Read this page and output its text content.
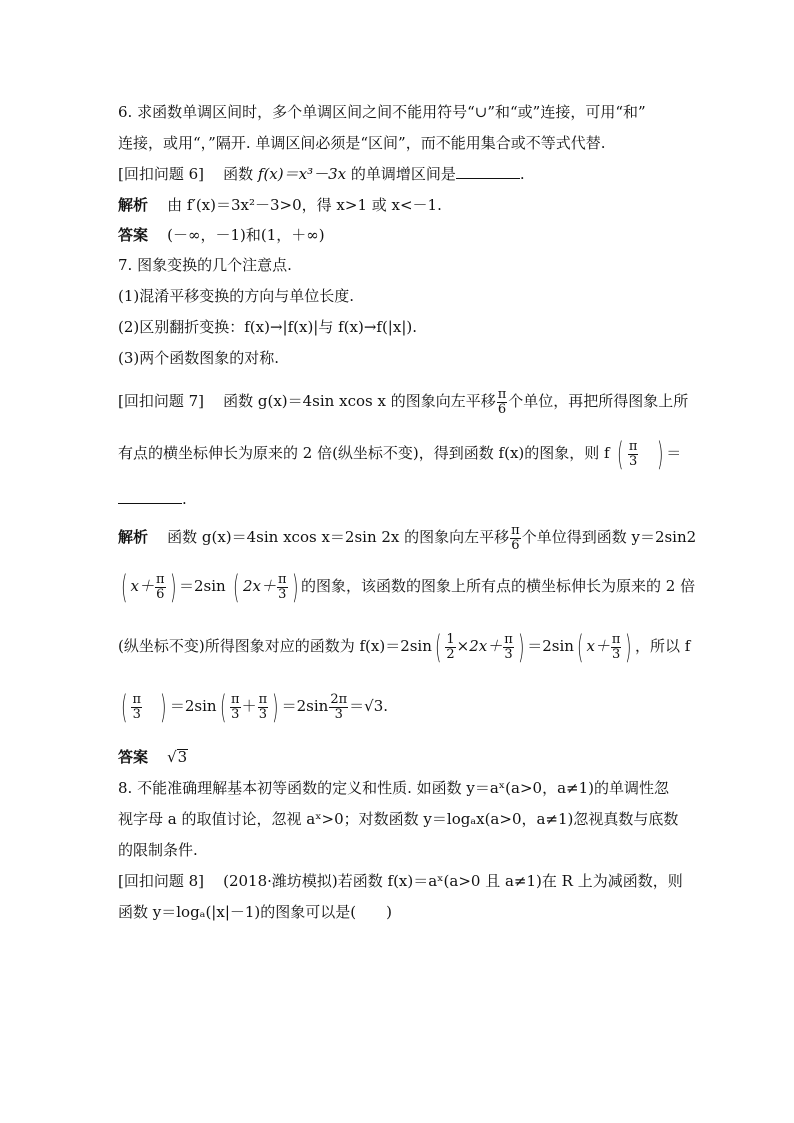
6. 求函数单调区间时，多个单调区间之间不能用符号“∪”和“或”连接，可用“和”
连接，或用“，”隔开. 单调区间必须是“区间”，而不能用集合或不等式代替.
[回扣问题 6] 函数 f(x)＝x³－3x 的单调增区间是	.
解析 由 f′(x)＝3x²－3>0，得 x>1 或 x<－1.
答案 (－∞，－1)和(1，＋∞)
7. 图象变换的几个注意点.
(1)混淆平移变换的方向与单位长度.
(2)区别翻折变换：f(x)→|f(x)|与 f(x)→f(|x|).
(3)两个函数图象的对称.
[回扣问题 7] 函数 g(x)＝4sin xcos x 的图象向左平移 $\frac{\pi}{6}$ 个单位，再把所得图象上所
有点的横坐标伸长为原来的 2 倍(纵坐标不变)，得到函数 f(x)的图象，则 f ( $\frac{\pi}{3}$ ) ＝
.
解析 函数 g(x)＝4sin xcos x＝2sin 2x 的图象向左平移 $\frac{\pi}{6}$ 个单位得到函数 y＝2sin2
( $x+ \frac{\pi}{6}$ ) ＝2sin ( $2x+ \frac{\pi}{3}$ ) 的图象，该函数的图象上所有点的横坐标伸长为原来的 2 倍
(纵坐标不变)所得图象对应的函数为 $f(x)=2\sin( \frac{1}{2} \times 2x+ \frac{\pi}{3}$ ) ＝2sin( $x+ \frac{\pi}{3}$ ) ，所以 f
( $\frac{\pi}{3}$ ) $=2\sin( \frac{\pi}{3} + \frac{\pi}{3}$ ) $=2\sin \frac{2\pi}{3} =√3$.
答案    √3
8. 不能准确理解基本初等函数的定义和性质. 如函数 y＝aˣ(a>0，a≠1)的单调性忽
视字母 a 的取值讨论，忽视 aˣ>0；对数函数 y＝logₐx(a>0，a≠1)忽视真数与底数
的限制条件.
[回扣问题 8] (2018·潍坊模拟)若函数 f(x)＝aˣ(a>0 且 a≠1)在 R 上为减函数，则
函数 y＝logₐ(|x|－1)的图象可以是(　　)
